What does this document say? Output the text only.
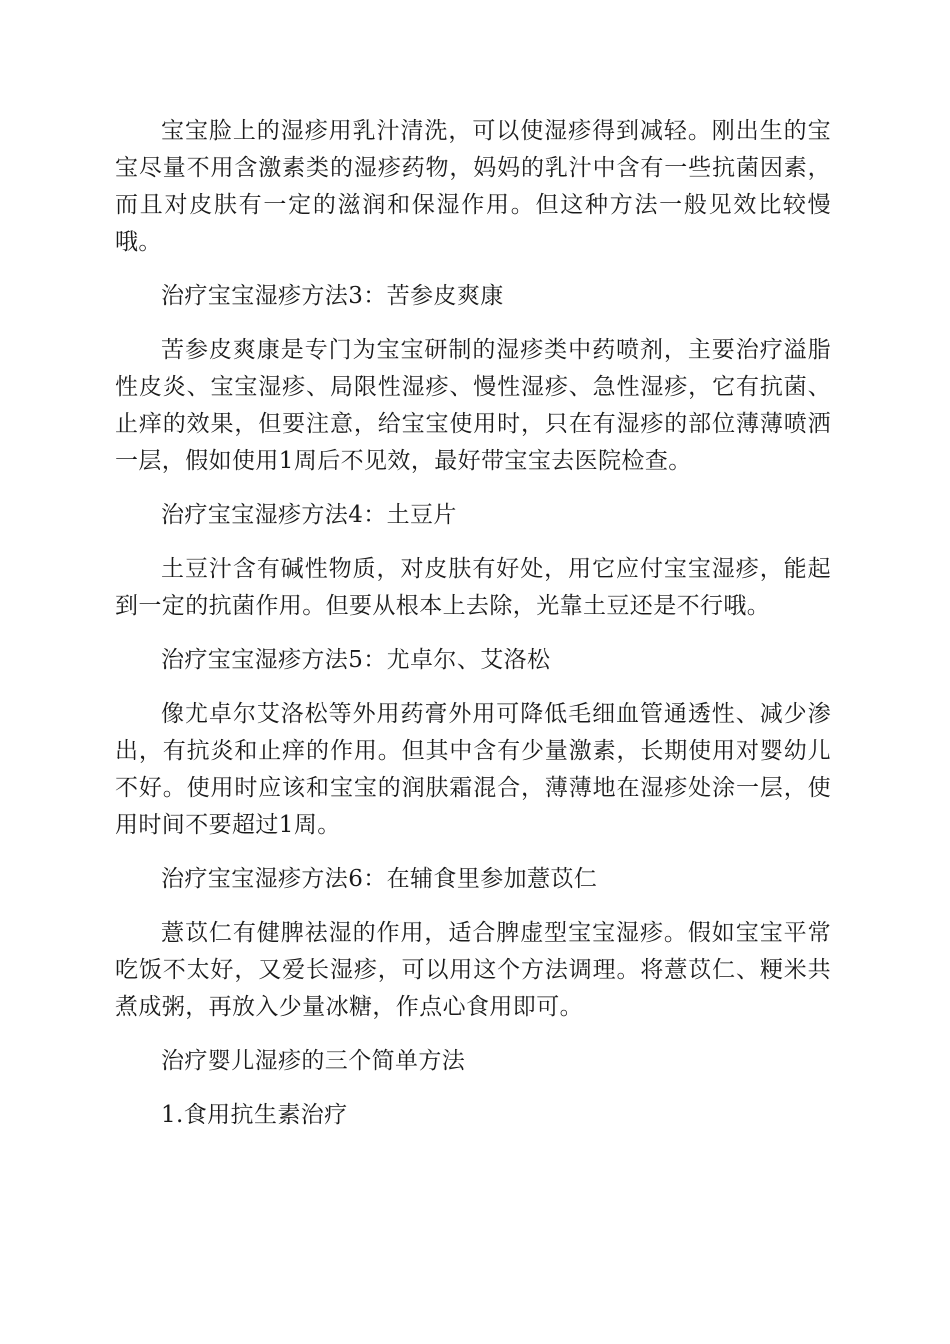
宝宝脸上的湿疹用乳汁清洗，可以使湿疹得到减轻。刚出生的宝宝尽量不用含激素类的湿疹药物，妈妈的乳汁中含有一些抗菌因素，而且对皮肤有一定的滋润和保湿作用。但这种方法一般见效比较慢哦。

治疗宝宝湿疹方法3：苦参皮爽康

苦参皮爽康是专门为宝宝研制的湿疹类中药喷剂，主要治疗溢脂性皮炎、宝宝湿疹、局限性湿疹、慢性湿疹、急性湿疹，它有抗菌、止痒的效果，但要注意，给宝宝使用时，只在有湿疹的部位薄薄喷洒一层，假如使用1周后不见效，最好带宝宝去医院检查。

治疗宝宝湿疹方法4：土豆片

土豆汁含有碱性物质，对皮肤有好处，用它应付宝宝湿疹，能起到一定的抗菌作用。但要从根本上去除，光靠土豆还是不行哦。

治疗宝宝湿疹方法5：尤卓尔、艾洛松

像尤卓尔艾洛松等外用药膏外用可降低毛细血管通透性、减少渗出，有抗炎和止痒的作用。但其中含有少量激素，长期使用对婴幼儿不好。使用时应该和宝宝的润肤霜混合，薄薄地在湿疹处涂一层，使用时间不要超过1周。

治疗宝宝湿疹方法6：在辅食里参加薏苡仁

薏苡仁有健脾祛湿的作用，适合脾虚型宝宝湿疹。假如宝宝平常吃饭不太好，又爱长湿疹，可以用这个方法调理。将薏苡仁、粳米共煮成粥，再放入少量冰糖，作点心食用即可。

治疗婴儿湿疹的三个简单方法

1.食用抗生素治疗
